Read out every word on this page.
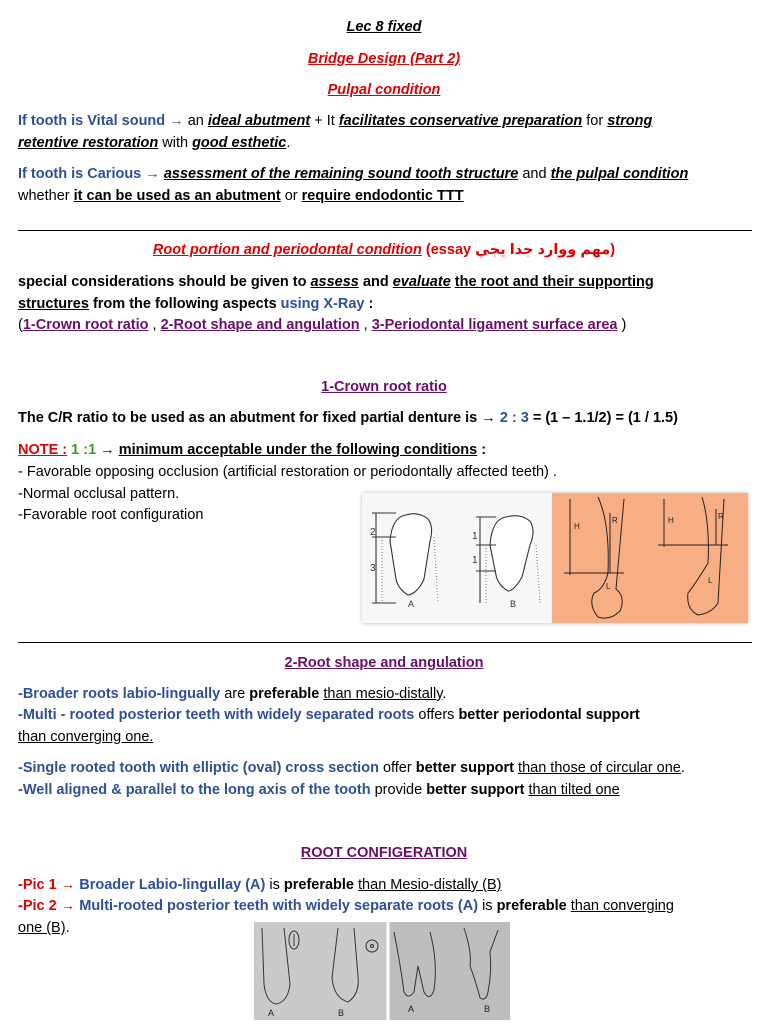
Lec 8 fixed
Bridge Design (Part 2)
Pulpal condition
If tooth is Vital sound → an ideal abutment + It facilitates conservative preparation for strong
retentive restoration with good esthetic.
If tooth is Carious → assessment of the remaining sound tooth structure and the pulpal condition
whether it can be used as an abutment or require endodontic TTT
Root portion and periodontal condition (essay مهم ووارد جدا يجي)
special considerations should be given to assess and evaluate the root and their supporting
structures from the following aspects using X-Ray :
(1-Crown root ratio , 2-Root shape and angulation , 3-Periodontal ligament surface area )
1-Crown root ratio
The C/R ratio to be used as an abutment for fixed partial denture is → 2 : 3 = (1 – 1.1/2) = (1 / 1.5)
NOTE : 1 :1 → minimum acceptable under the following conditions :
- Favorable opposing occlusion (artificial restoration or periodontally affected teeth) .
-Normal occlusal pattern.
-Favorable root configuration
2
3
1
1
A	B
H
R
L
H	R
L
2-Root shape and angulation
-Broader roots labio-lingually are preferable than mesio-distally.
-Multi - rooted posterior teeth with widely separated roots offers better periodontal support
than converging one.
-Single rooted tooth with elliptic (oval) cross section offer better support than those of circular one.
-Well aligned & parallel to the long axis of the tooth provide better support than tilted one
ROOT CONFIGERATION
-Pic 1 → Broader Labio-lingullay (A) is preferable than Mesio-distally (B)
-Pic 2 → Multi-rooted posterior teeth with widely separate roots (A) is preferable than converging
one (B).
A	B	A	B
